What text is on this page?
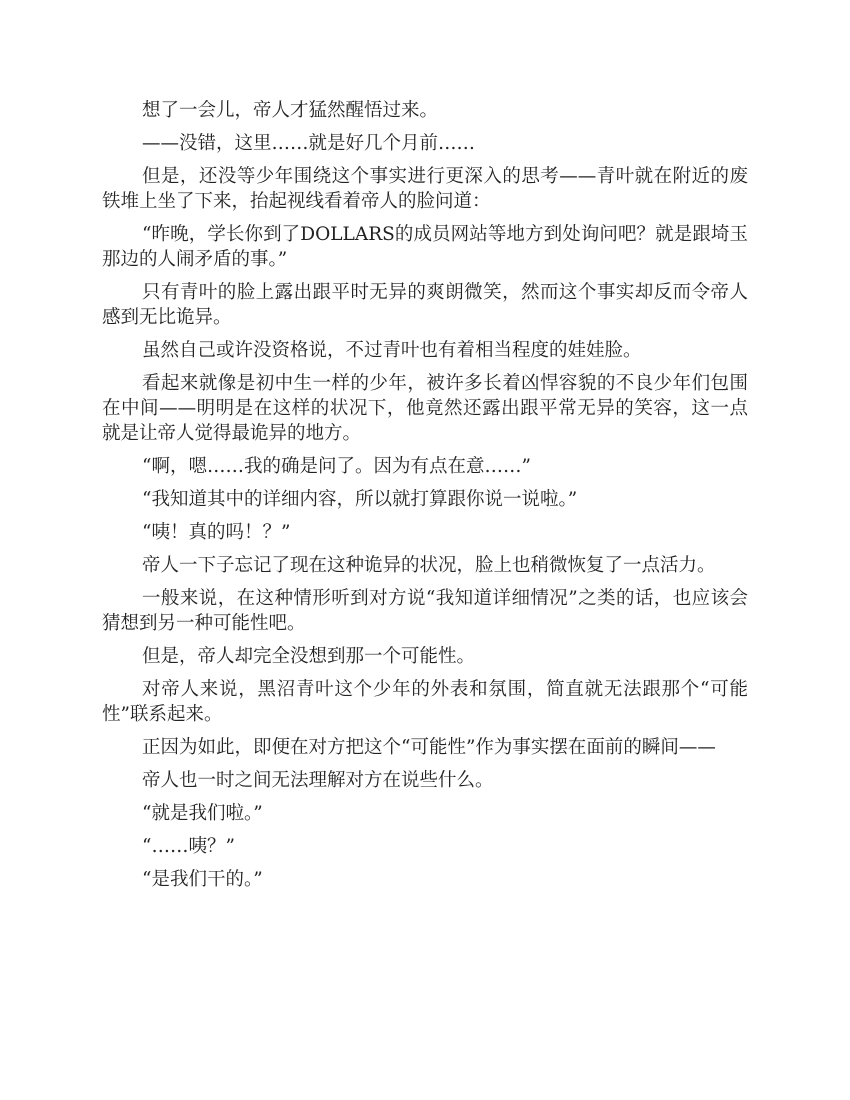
想了一会儿，帝人才猛然醒悟过来。

——没错，这里……就是好几个月前……

但是，还没等少年围绕这个事实进行更深入的思考——青叶就在附近的废铁堆上坐了下来，抬起视线看着帝人的脸问道：

“昨晚，学长你到了DOLLARS的成员网站等地方到处询问吧？就是跟埼玉那边的人闹矛盾的事。”

只有青叶的脸上露出跟平时无异的爽朗微笑，然而这个事实却反而令帝人感到无比诡异。

虽然自己或许没资格说，不过青叶也有着相当程度的娃娃脸。

看起来就像是初中生一样的少年，被许多长着凶悍容貌的不良少年们包围在中间——明明是在这样的状况下，他竟然还露出跟平常无异的笑容，这一点就是让帝人觉得最诡异的地方。

“啊，嗯……我的确是问了。因为有点在意……”

“我知道其中的详细内容，所以就打算跟你说一说啦。”

“咦！真的吗！？”

帝人一下子忘记了现在这种诡异的状况，脸上也稍微恢复了一点活力。

一般来说，在这种情形听到对方说“我知道详细情况”之类的话，也应该会猜想到另一种可能性吧。

但是，帝人却完全没想到那一个可能性。

对帝人来说，黑沼青叶这个少年的外表和氛围，简直就无法跟那个“可能性”联系起来。

正因为如此，即便在对方把这个“可能性”作为事实摆在面前的瞬间——

帝人也一时之间无法理解对方在说些什么。

“就是我们啦。”

“……咦？”

“是我们干的。”
